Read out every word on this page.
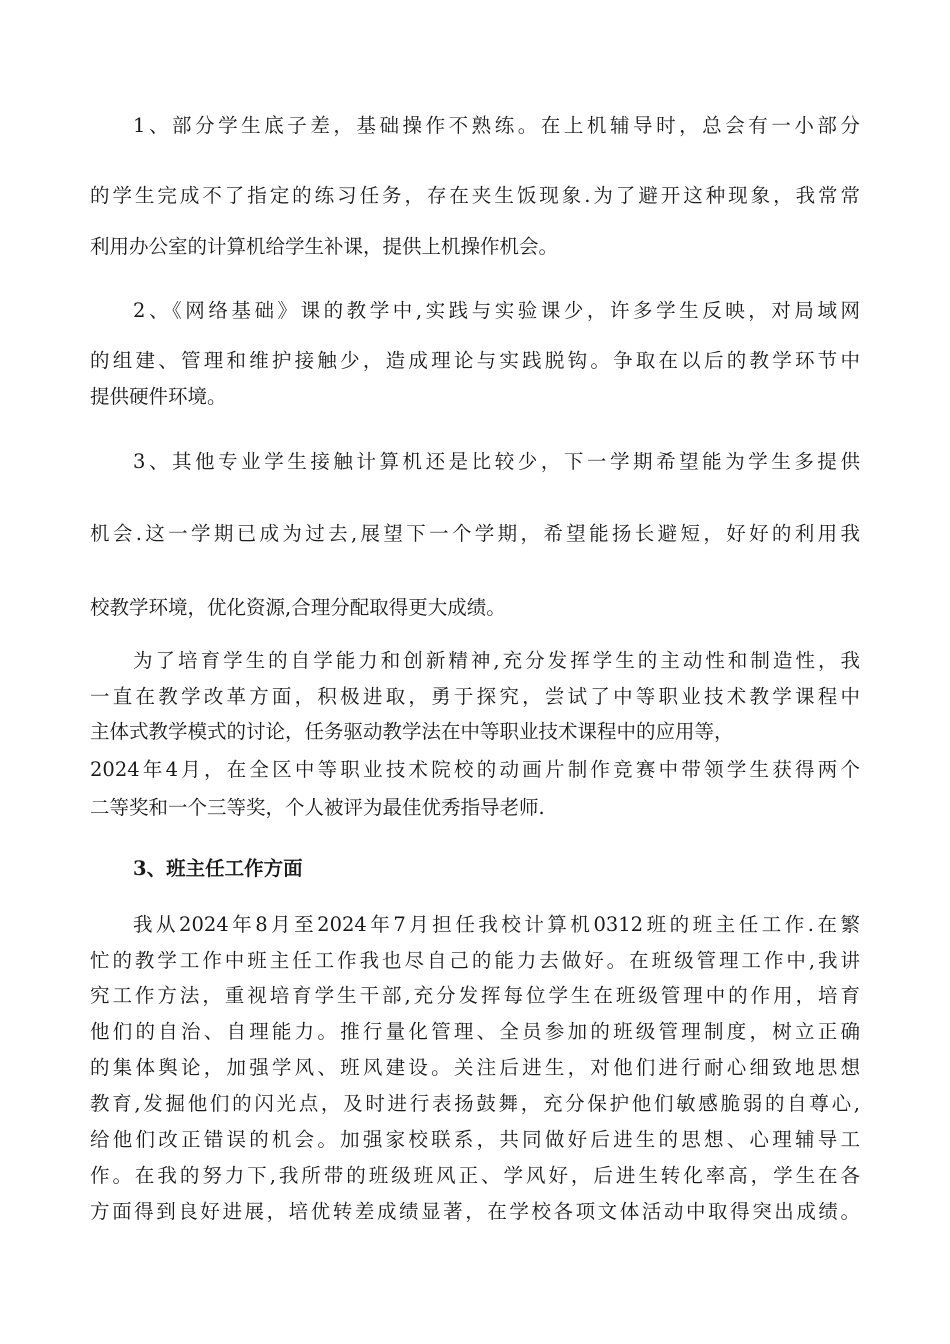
1、部分学生底子差，基础操作不熟练。在上机辅导时，总会有一小部分
的学生完成不了指定的练习任务，存在夹生饭现象.为了避开这种现象，我常常
利用办公室的计算机给学生补课，提供上机操作机会。
2、《网络基础》课的教学中,实践与实验课少，许多学生反映，对局域网
的组建、管理和维护接触少，造成理论与实践脱钩。争取在以后的教学环节中
提供硬件环境。
3、其他专业学生接触计算机还是比较少，下一学期希望能为学生多提供
机会.这一学期已成为过去,展望下一个学期，希望能扬长避短，好好的利用我
校教学环境，优化资源,合理分配取得更大成绩。
为了培育学生的自学能力和创新精神,充分发挥学生的主动性和制造性，我
一直在教学改革方面，积极进取，勇于探究，尝试了中等职业技术教学课程中
主体式教学模式的讨论，任务驱动教学法在中等职业技术课程中的应用等，
2024年4月，在全区中等职业技术院校的动画片制作竞赛中带领学生获得两个
二等奖和一个三等奖，个人被评为最佳优秀指导老师.
3、班主任工作方面
我从2024年8月至2024年7月担任我校计算机0312班的班主任工作.在繁
忙的教学工作中班主任工作我也尽自己的能力去做好。在班级管理工作中,我讲
究工作方法，重视培育学生干部,充分发挥每位学生在班级管理中的作用，培育
他们的自治、自理能力。推行量化管理、全员参加的班级管理制度，树立正确
的集体舆论，加强学风、班风建设。关注后进生，对他们进行耐心细致地思想
教育,发掘他们的闪光点，及时进行表扬鼓舞，充分保护他们敏感脆弱的自尊心,
给他们改正错误的机会。加强家校联系，共同做好后进生的思想、心理辅导工
作。在我的努力下,我所带的班级班风正、学风好，后进生转化率高，学生在各
方面得到良好进展，培优转差成绩显著，在学校各项文体活动中取得突出成绩。
